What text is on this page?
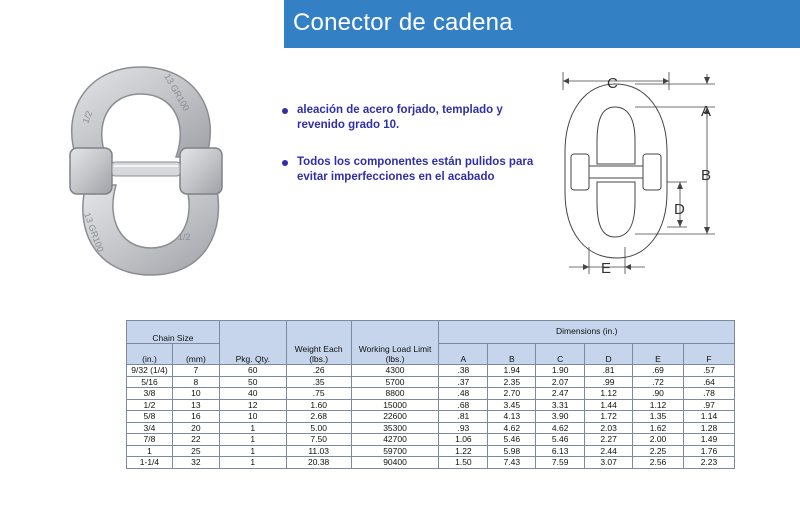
Conector de cadena
1/2
13 GR100
13 GR100	1/2
aleación de acero forjado, templado y revenido grado 10.
Todos los componentes están pulidos para evitar imperfecciones en el acabado
C
A
B
D
E
Chain Size		Pkg. Qty.	Weight Each (lbs.)	Working Load Limit (lbs.)	Dimensions (in.)					
(in.)	(mm)				A	B	C	D	E	F
9/32 (1/4)	7	60	.26	4300	.38	1.94	1.90	.81	.69	.57
5/16	8	50	.35	5700	.37	2.35	2.07	.99	.72	.64
3/8	10	40	.75	8800	.48	2.70	2.47	1.12	.90	.78
1/2	13	12	1.60	15000	.68	3.45	3.31	1.44	1.12	.97
5/8	16	10	2.68	22600	.81	4.13	3.90	1.72	1.35	1.14
3/4	20	1	5.00	35300	.93	4.62	4.62	2.03	1.62	1.28
7/8	22	1	7.50	42700	1.06	5.46	5.46	2.27	2.00	1.49
1	25	1	11.03	59700	1.22	5.98	6.13	2.44	2.25	1.76
1-1/4	32	1	20.38	90400	1.50	7.43	7.59	3.07	2.56	2.23
